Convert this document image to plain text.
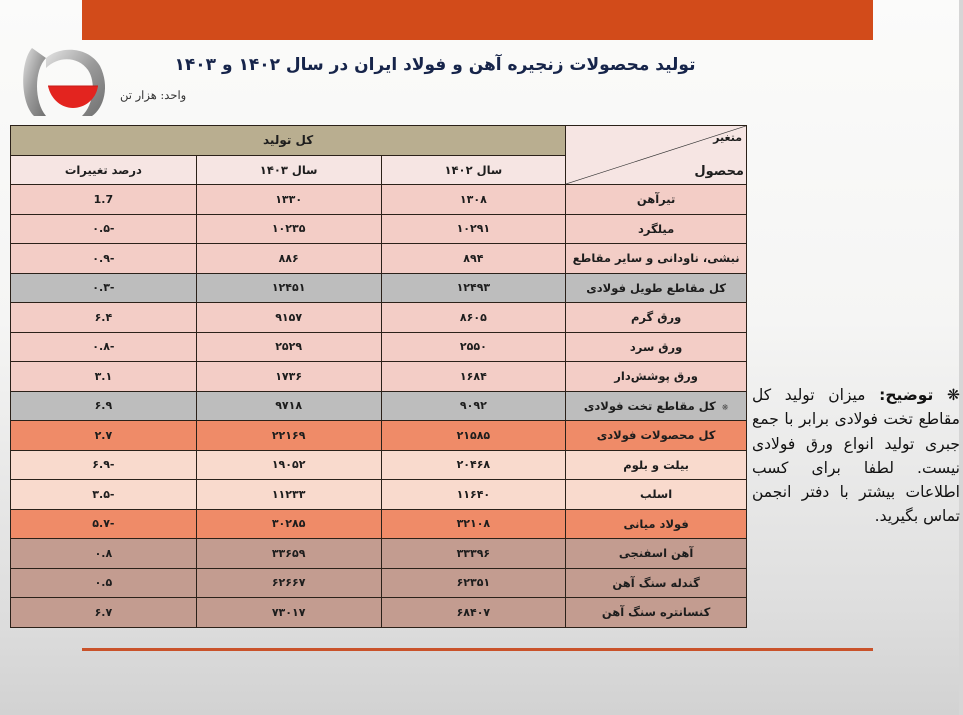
تولید محصولات زنجیره آهن و فولاد ایران در سال ۱۴۰۲ و ۱۴۰۳
واحد: هزار تن
متغیر
محصول	کل تولید		
	سال ۱۴۰۲	سال ۱۴۰۳	درصد تغییرات
تیرآهن	۱۳۰۸	۱۳۳۰	1.7
میلگرد	۱۰۲۹۱	۱۰۲۳۵	-۰.۵
نبشی، ناودانی و سایر مقاطع	۸۹۴	۸۸۶	-۰.۹
کل مقاطع طویل فولادی	۱۲۴۹۳	۱۲۴۵۱	-۰.۳
ورق گرم	۸۶۰۵	۹۱۵۷	۶.۴
ورق سرد	۲۵۵۰	۲۵۲۹	-۰.۸
ورق پوشش‌دار	۱۶۸۴	۱۷۳۶	۳.۱
❋کل مقاطع تخت فولادی	۹۰۹۲	۹۷۱۸	۶.۹
کل محصولات فولادی	۲۱۵۸۵	۲۲۱۶۹	۲.۷
بیلت و بلوم	۲۰۴۶۸	۱۹۰۵۲	-۶.۹
اسلب	۱۱۶۴۰	۱۱۲۳۳	-۳.۵
فولاد میانی	۳۲۱۰۸	۳۰۲۸۵	-۵.۷
آهن اسفنجی	۳۳۳۹۶	۳۳۶۵۹	۰.۸
گندله سنگ آهن	۶۲۳۵۱	۶۲۶۶۷	۰.۵
کنسانتره سنگ آهن	۶۸۴۰۷	۷۳۰۱۷	۶.۷
❋ توضیح: میزان تولید کل مقاطع تخت فولادی برابر با جمع جبری تولید انواع ورق فولادی نیست. لطفا برای کسب اطلاعات بیشتر با دفتر انجمن تماس بگیرید.
